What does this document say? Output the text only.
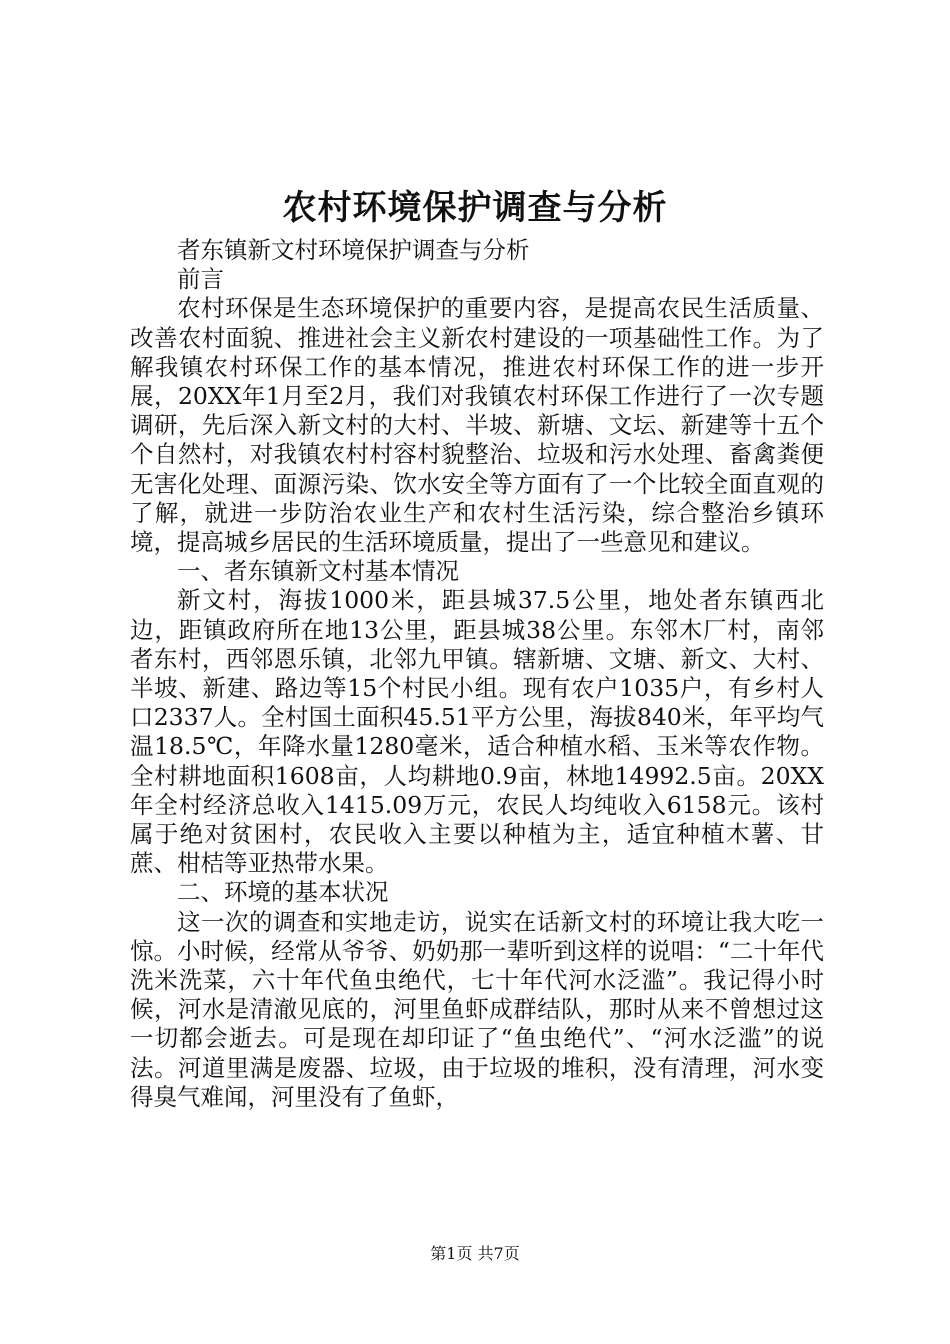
农村环境保护调查与分析

者东镇新文村环境保护调查与分析

前言

农村环保是生态环境保护的重要内容，是提高农民生活质量、改善农村面貌、推进社会主义新农村建设的一项基础性工作。为了解我镇农村环保工作的基本情况，推进农村环保工作的进一步开展，20XX年1月至2月，我们对我镇农村环保工作进行了一次专题调研，先后深入新文村的大村、半坡、新塘、文坛、新建等十五个个自然村，对我镇农村村容村貌整治、垃圾和污水处理、畜禽粪便无害化处理、面源污染、饮水安全等方面有了一个比较全面直观的了解，就进一步防治农业生产和农村生活污染，综合整治乡镇环境，提高城乡居民的生活环境质量，提出了一些意见和建议。

一、者东镇新文村基本情况

新文村，海拔1000米，距县城37.5公里，地处者东镇西北边，距镇政府所在地13公里，距县城38公里。东邻木厂村，南邻者东村，西邻恩乐镇，北邻九甲镇。辖新塘、文塘、新文、大村、半坡、新建、路边等15个村民小组。现有农户1035户，有乡村人口2337人。全村国土面积45.51平方公里，海拔840米，年平均气温18.5℃，年降水量1280毫米，适合种植水稻、玉米等农作物。全村耕地面积1608亩，人均耕地0.9亩，林地14992.5亩。20XX年全村经济总收入1415.09万元，农民人均纯收入6158元。该村属于绝对贫困村，农民收入主要以种植为主，适宜种植木薯、甘蔗、柑桔等亚热带水果。

二、环境的基本状况

这一次的调查和实地走访，说实在话新文村的环境让我大吃一惊。小时候，经常从爷爷、奶奶那一辈听到这样的说唱：“二十年代洗米洗菜，六十年代鱼虫绝代，七十年代河水泛滥”。我记得小时候，河水是清澈见底的，河里鱼虾成群结队，那时从来不曾想过这一切都会逝去。可是现在却印证了“鱼虫绝代”、“河水泛滥”的说法。河道里满是废器、垃圾，由于垃圾的堆积，没有清理，河水变得臭气难闻，河里没有了鱼虾，

第1页 共7页
